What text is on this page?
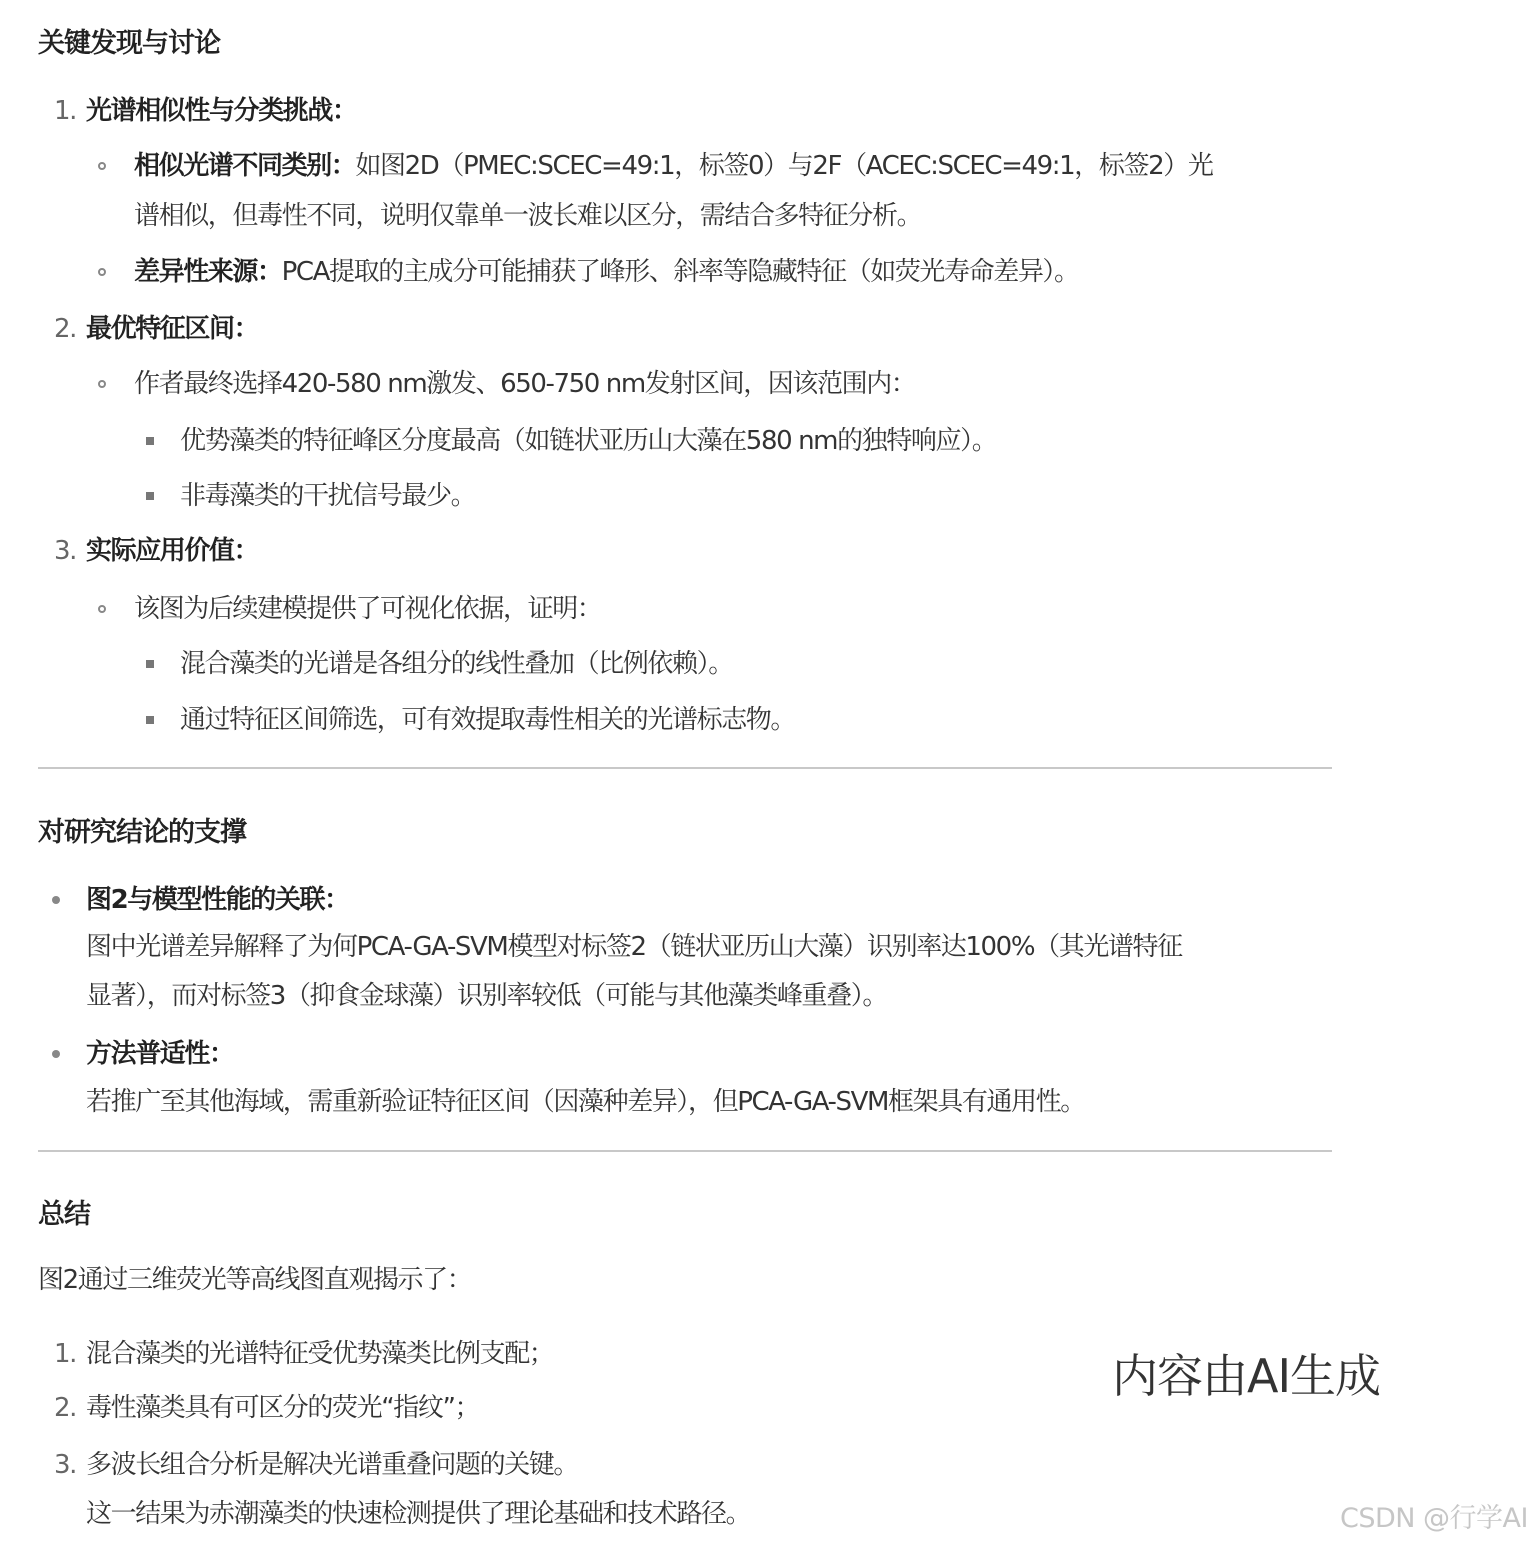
关键发现与讨论
1. 光谱相似性与分类挑战：
相似光谱不同类别：如图2D（PMEC:SCEC=49:1，标签0）与2F（ACEC:SCEC=49:1，标签2）光
谱相似，但毒性不同，说明仅靠单一波长难以区分，需结合多特征分析。
差异性来源：PCA提取的主成分可能捕获了峰形、斜率等隐藏特征（如荧光寿命差异）。
2. 最优特征区间：
作者最终选择420-580 nm激发、650-750 nm发射区间，因该范围内：
优势藻类的特征峰区分度最高（如链状亚历山大藻在580 nm的独特响应）。
非毒藻类的干扰信号最少。
3. 实际应用价值：
该图为后续建模提供了可视化依据，证明：
混合藻类的光谱是各组分的线性叠加（比例依赖）。
通过特征区间筛选，可有效提取毒性相关的光谱标志物。
对研究结论的支撑
图2与模型性能的关联：
图中光谱差异解释了为何PCA-GA-SVM模型对标签2（链状亚历山大藻）识别率达100%（其光谱特征
显著），而对标签3（抑食金球藻）识别率较低（可能与其他藻类峰重叠）。
方法普适性：
若推广至其他海域，需重新验证特征区间（因藻种差异），但PCA-GA-SVM框架具有通用性。
总结
图2通过三维荧光等高线图直观揭示了：
1. 混合藻类的光谱特征受优势藻类比例支配；
2. 毒性藻类具有可区分的荧光“指纹”；
3. 多波长组合分析是解决光谱重叠问题的关键。
这一结果为赤潮藻类的快速检测提供了理论基础和技术路径。
内容由AI生成
CSDN @行学AI
